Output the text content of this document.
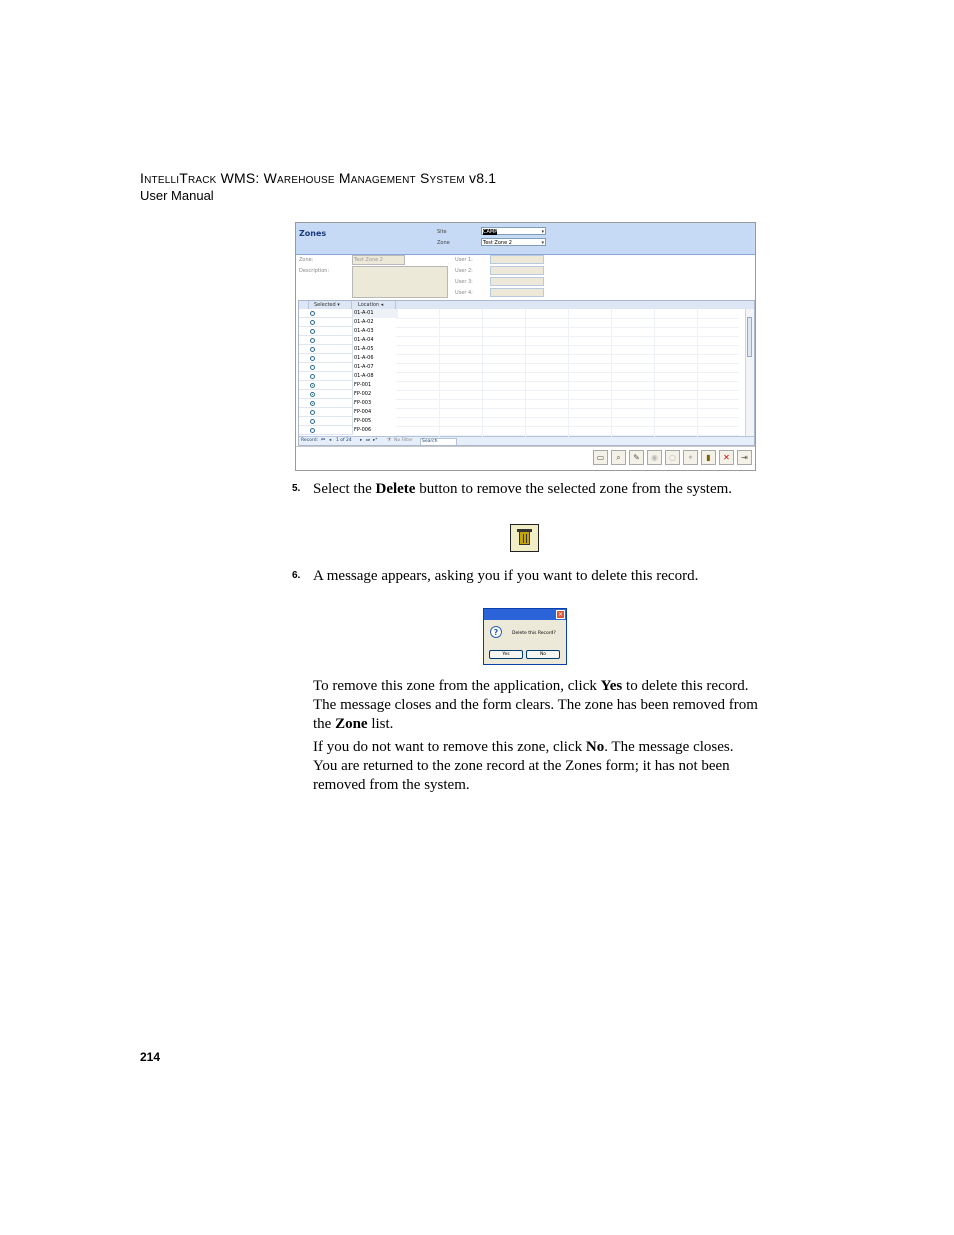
IntelliTrack WMS: Warehouse Management System v8.1
User Manual
Zones	Site	CAMP	▾
Zone	Test Zone 2	▾
Zone:	Test Zone 2
Description:
User 1:
User 2:
User 3:
User 4:
Selected ▾	Location ◂
01-A-01
01-A-02
01-A-03
01-A-04
01-A-05
01-A-06
01-A-07
01-A-08
FP-001
FP-002
FP-003
FP-004
FP-005
FP-006
Record: ⏮ ◂ 1 of 24 ▸ ⏭ ▸* ⧩ No Filter	Search
▭	⌕	✎	◉	○	✦	▮	✕	⇥
5. Select the Delete button to remove the selected zone from the system.
6. A message appears, asking you if you want to delete this record.
×
?	Delete this Record?
Yes	No
To remove this zone from the application, click Yes to delete this record. The message closes and the form clears. The zone has been removed from the Zone list.
If you do not want to remove this zone, click No. The message closes. You are returned to the zone record at the Zones form; it has not been removed from the system.
214
